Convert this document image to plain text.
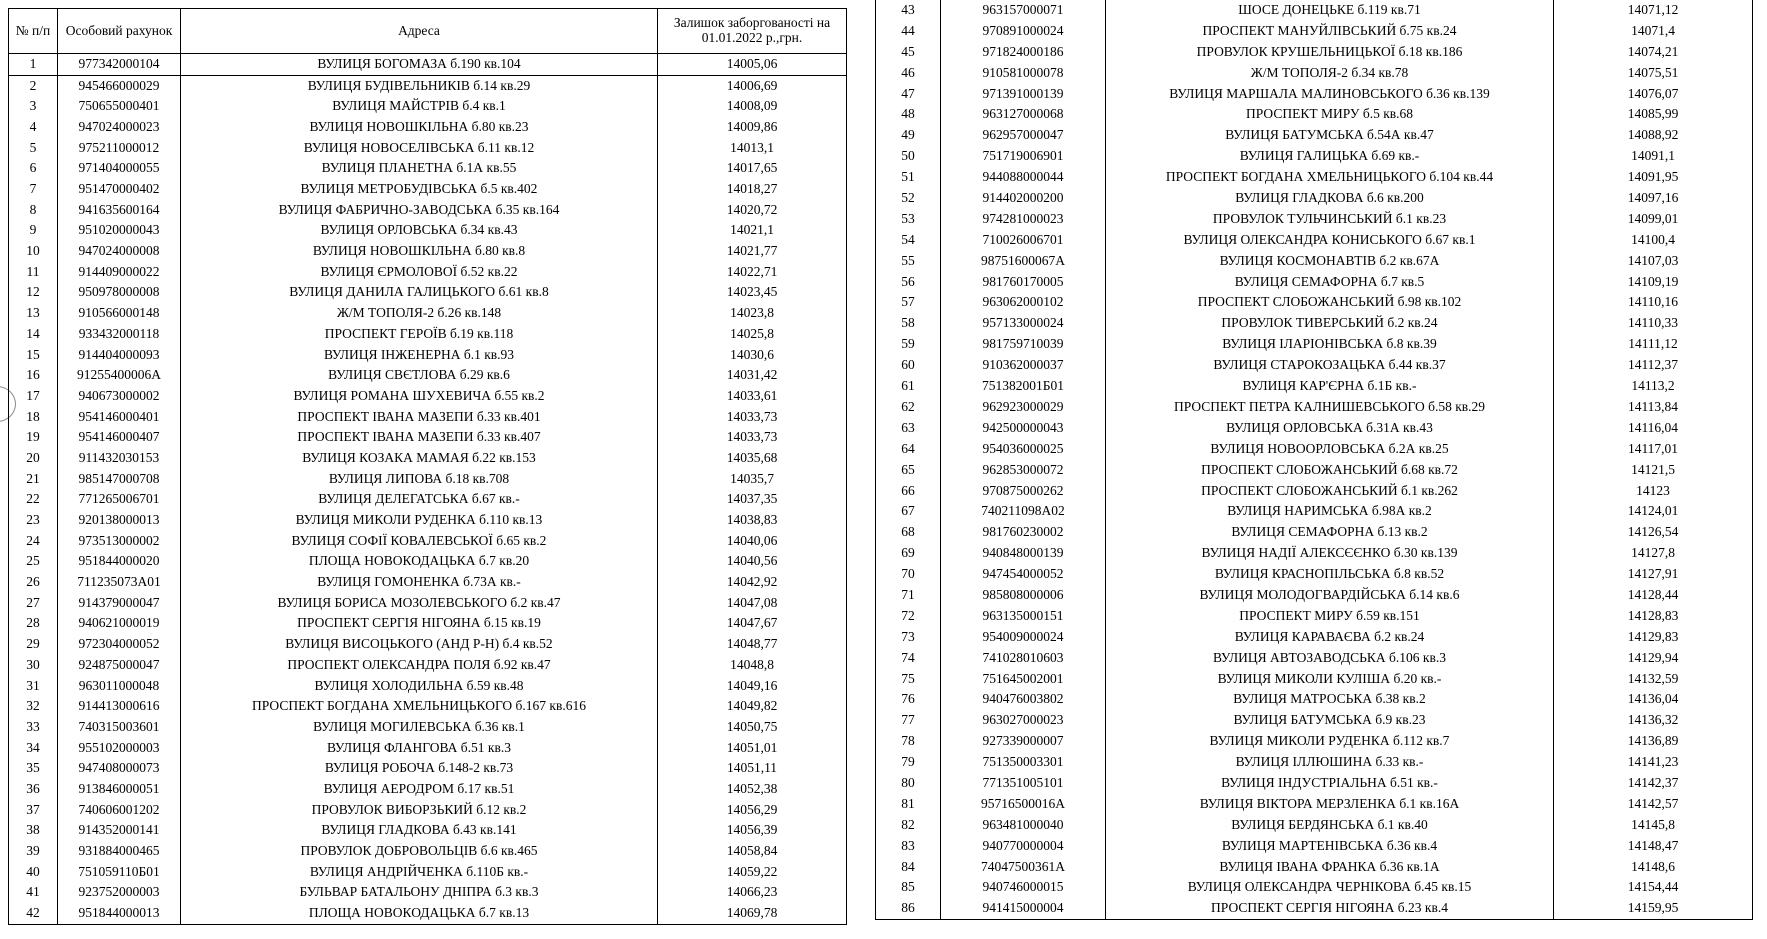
№ п/п	Особовий рахунок	Адреса	Залишок заборгованості на 01.01.2022 р.,грн.
1	977342000104	ВУЛИЦЯ БОГОМАЗА б.190 кв.104	14005,06
2	945466000029	ВУЛИЦЯ БУДІВЕЛЬНИКІВ б.14 кв.29	14006,69
3	750655000401	ВУЛИЦЯ МАЙСТРІВ б.4 кв.1	14008,09
4	947024000023	ВУЛИЦЯ НОВОШКІЛЬНА б.80 кв.23	14009,86
5	975211000012	ВУЛИЦЯ НОВОСЕЛІВСЬКА б.11 кв.12	14013,1
6	971404000055	ВУЛИЦЯ ПЛАНЕТНА б.1А кв.55	14017,65
7	951470000402	ВУЛИЦЯ МЕТРОБУДІВСЬКА б.5 кв.402	14018,27
8	941635600164	ВУЛИЦЯ ФАБРИЧНО-ЗАВОДСЬКА б.35 кв.164	14020,72
9	951020000043	ВУЛИЦЯ ОРЛОВСЬКА б.34 кв.43	14021,1
10	947024000008	ВУЛИЦЯ НОВОШКІЛЬНА б.80 кв.8	14021,77
11	914409000022	ВУЛИЦЯ ЄРМОЛОВОЇ б.52 кв.22	14022,71
12	950978000008	ВУЛИЦЯ ДАНИЛА ГАЛИЦЬКОГО б.61 кв.8	14023,45
13	910566000148	Ж/М ТОПОЛЯ-2 б.26 кв.148	14023,8
14	933432000118	ПРОСПЕКТ ГЕРОЇВ б.19 кв.118	14025,8
15	914404000093	ВУЛИЦЯ ІНЖЕНЕРНА б.1 кв.93	14030,6
16	91255400006А	ВУЛИЦЯ СВЄТЛОВА б.29 кв.6	14031,42
17	940673000002	ВУЛИЦЯ РОМАНА ШУХЕВИЧА б.55 кв.2	14033,61
18	954146000401	ПРОСПЕКТ ІВАНА МАЗЕПИ б.33 кв.401	14033,73
19	954146000407	ПРОСПЕКТ ІВАНА МАЗЕПИ б.33 кв.407	14033,73
20	911432030153	ВУЛИЦЯ КОЗАКА МАМАЯ б.22 кв.153	14035,68
21	985147000708	ВУЛИЦЯ ЛИПОВА б.18 кв.708	14035,7
22	771265006701	ВУЛИЦЯ ДЕЛЕГАТСЬКА б.67 кв.-	14037,35
23	920138000013	ВУЛИЦЯ МИКОЛИ РУДЕНКА б.110 кв.13	14038,83
24	973513000002	ВУЛИЦЯ СОФІЇ КОВАЛЕВСЬКОЇ б.65 кв.2	14040,06
25	951844000020	ПЛОЩА НОВОКОДАЦЬКА б.7 кв.20	14040,56
26	711235073А01	ВУЛИЦЯ ГОМОНЕНКА б.73А кв.-	14042,92
27	914379000047	ВУЛИЦЯ БОРИСА МОЗОЛЕВСЬКОГО б.2 кв.47	14047,08
28	940621000019	ПРОСПЕКТ СЕРГІЯ НІГОЯНА б.15 кв.19	14047,67
29	972304000052	ВУЛИЦЯ ВИСОЦЬКОГО (АНД Р-Н) б.4 кв.52	14048,77
30	924875000047	ПРОСПЕКТ ОЛЕКСАНДРА ПОЛЯ б.92 кв.47	14048,8
31	963011000048	ВУЛИЦЯ ХОЛОДИЛЬНА б.59 кв.48	14049,16
32	914413000616	ПРОСПЕКТ БОГДАНА ХМЕЛЬНИЦЬКОГО б.167 кв.616	14049,82
33	740315003601	ВУЛИЦЯ МОГИЛЕВСЬКА б.36 кв.1	14050,75
34	955102000003	ВУЛИЦЯ ФЛАНГОВА б.51 кв.3	14051,01
35	947408000073	ВУЛИЦЯ РОБОЧА б.148-2 кв.73	14051,11
36	913846000051	ВУЛИЦЯ АЕРОДРОМ б.17 кв.51	14052,38
37	740606001202	ПРОВУЛОК ВИБОРЗЬКИЙ б.12 кв.2	14056,29
38	914352000141	ВУЛИЦЯ ГЛАДКОВА б.43 кв.141	14056,39
39	931884000465	ПРОВУЛОК ДОБРОВОЛЬЦІВ б.6 кв.465	14058,84
40	751059110Б01	ВУЛИЦЯ АНДРІЙЧЕНКА б.110Б кв.-	14059,22
41	923752000003	БУЛЬВАР БАТАЛЬОНУ ДНІПРА б.3 кв.3	14066,23
42	951844000013	ПЛОЩА НОВОКОДАЦЬКА б.7 кв.13	14069,78
43	963157000071	ШОСЕ ДОНЕЦЬКЕ б.119 кв.71	14071,12
44	970891000024	ПРОСПЕКТ МАНУЙЛІВСЬКИЙ б.75 кв.24	14071,4
45	971824000186	ПРОВУЛОК КРУШЕЛЬНИЦЬКОЇ б.18 кв.186	14074,21
46	910581000078	Ж/М ТОПОЛЯ-2 б.34 кв.78	14075,51
47	971391000139	ВУЛИЦЯ МАРШАЛА МАЛИНОВСЬКОГО б.36 кв.139	14076,07
48	963127000068	ПРОСПЕКТ МИРУ б.5 кв.68	14085,99
49	962957000047	ВУЛИЦЯ БАТУМСЬКА б.54А кв.47	14088,92
50	751719006901	ВУЛИЦЯ ГАЛИЦЬКА б.69 кв.-	14091,1
51	944088000044	ПРОСПЕКТ БОГДАНА ХМЕЛЬНИЦЬКОГО б.104 кв.44	14091,95
52	914402000200	ВУЛИЦЯ ГЛАДКОВА б.6 кв.200	14097,16
53	974281000023	ПРОВУЛОК ТУЛЬЧИНСЬКИЙ б.1 кв.23	14099,01
54	710026006701	ВУЛИЦЯ ОЛЕКСАНДРА КОНИСЬКОГО б.67 кв.1	14100,4
55	98751600067А	ВУЛИЦЯ КОСМОНАВТІВ б.2 кв.67А	14107,03
56	981760170005	ВУЛИЦЯ СЕМАФОРНА б.7 кв.5	14109,19
57	963062000102	ПРОСПЕКТ СЛОБОЖАНСЬКИЙ б.98 кв.102	14110,16
58	957133000024	ПРОВУЛОК ТИВЕРСЬКИЙ б.2 кв.24	14110,33
59	981759710039	ВУЛИЦЯ ІЛАРІОНІВСЬКА б.8 кв.39	14111,12
60	910362000037	ВУЛИЦЯ СТАРОКОЗАЦЬКА б.44 кв.37	14112,37
61	751382001Б01	ВУЛИЦЯ КАР'ЄРНА б.1Б кв.-	14113,2
62	962923000029	ПРОСПЕКТ ПЕТРА КАЛНИШЕВСЬКОГО б.58 кв.29	14113,84
63	942500000043	ВУЛИЦЯ ОРЛОВСЬКА б.31А кв.43	14116,04
64	954036000025	ВУЛИЦЯ НОВООРЛОВСЬКА б.2А кв.25	14117,01
65	962853000072	ПРОСПЕКТ СЛОБОЖАНСЬКИЙ б.68 кв.72	14121,5
66	970875000262	ПРОСПЕКТ СЛОБОЖАНСЬКИЙ б.1 кв.262	14123
67	740211098А02	ВУЛИЦЯ НАРИМСЬКА б.98А кв.2	14124,01
68	981760230002	ВУЛИЦЯ СЕМАФОРНА б.13 кв.2	14126,54
69	940848000139	ВУЛИЦЯ НАДІЇ АЛЕКСЄЄНКО б.30 кв.139	14127,8
70	947454000052	ВУЛИЦЯ КРАСНОПІЛЬСЬКА б.8 кв.52	14127,91
71	985808000006	ВУЛИЦЯ МОЛОДОГВАРДІЙСЬКА б.14 кв.6	14128,44
72	963135000151	ПРОСПЕКТ МИРУ б.59 кв.151	14128,83
73	954009000024	ВУЛИЦЯ КАРАВАЄВА б.2 кв.24	14129,83
74	741028010603	ВУЛИЦЯ АВТОЗАВОДСЬКА б.106 кв.3	14129,94
75	751645002001	ВУЛИЦЯ МИКОЛИ КУЛІША б.20 кв.-	14132,59
76	940476003802	ВУЛИЦЯ МАТРОСЬКА б.38 кв.2	14136,04
77	963027000023	ВУЛИЦЯ БАТУМСЬКА б.9 кв.23	14136,32
78	927339000007	ВУЛИЦЯ МИКОЛИ РУДЕНКА б.112 кв.7	14136,89
79	751350003301	ВУЛИЦЯ ІЛЛЮШИНА б.33 кв.-	14141,23
80	771351005101	ВУЛИЦЯ ІНДУСТРІАЛЬНА б.51 кв.-	14142,37
81	95716500016А	ВУЛИЦЯ ВІКТОРА МЕРЗЛЕНКА б.1 кв.16А	14142,57
82	963481000040	ВУЛИЦЯ БЕРДЯНСЬКА б.1 кв.40	14145,8
83	940770000004	ВУЛИЦЯ МАРТЕНІВСЬКА б.36 кв.4	14148,47
84	74047500361А	ВУЛИЦЯ ІВАНА ФРАНКА б.36 кв.1А	14148,6
85	940746000015	ВУЛИЦЯ ОЛЕКСАНДРА ЧЕРНІКОВА б.45 кв.15	14154,44
86	941415000004	ПРОСПЕКТ СЕРГІЯ НІГОЯНА б.23 кв.4	14159,95
